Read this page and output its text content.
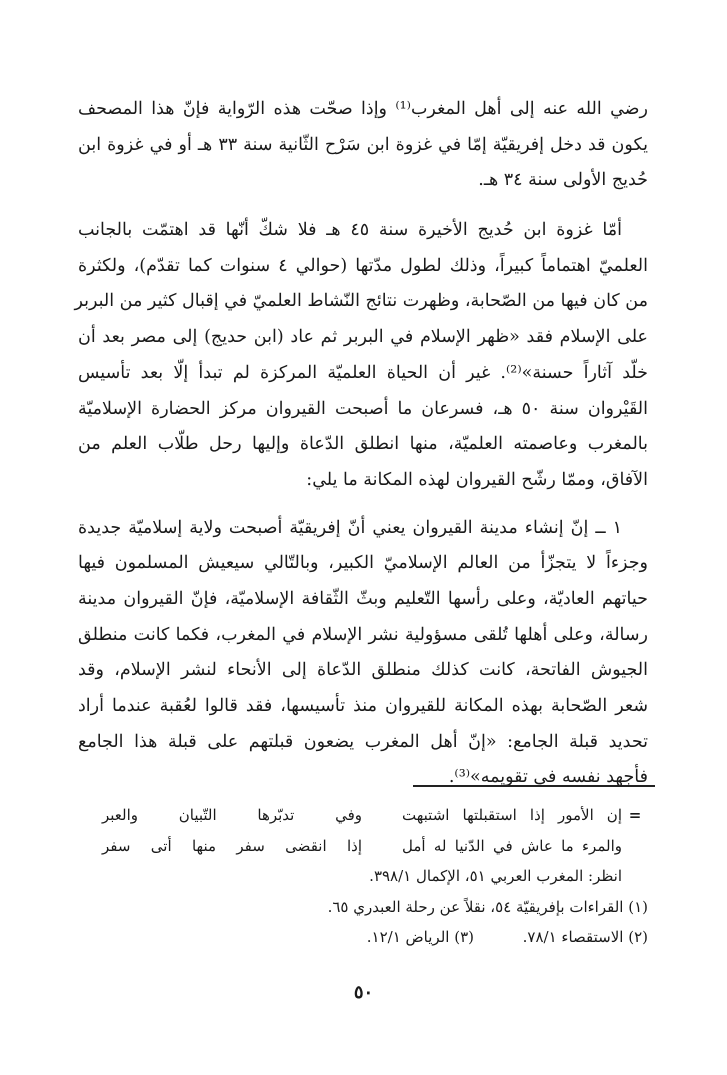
رضي الله عنه إلى أهل المغرب⁽¹⁾ وإذا صحّت هذه الرّواية فإنّ هذا المصحف
يكون قد دخل إفريقيّة إمّا في غزوة ابن سَرْح الثّانية سنة ٣٣ هـ أو في غزوة ابن
حُديج الأولى سنة ٣٤ هـ.
أمّا غزوة ابن حُديج الأخيرة سنة ٤٥ هـ فلا شكّ أنّها قد اهتمّت بالجانب
العلميّ اهتماماً كبيراً، وذلك لطول مدّتها (حوالي ٤ سنوات كما تقدّم)، ولكثرة
من كان فيها من الصّحابة، وظهرت نتائج النّشاط العلميّ في إقبال كثير من البربر
على الإسلام فقد «ظهر الإسلام في البربر ثم عاد (ابن حديج) إلى مصر بعد أن
خلّد آثاراً حسنة»⁽²⁾. غير أن الحياة العلميّة المركزة لم تبدأ إلّا بعد تأسيس
القَيْروان سنة ٥٠ هـ، فسرعان ما أصبحت القيروان مركز الحضارة الإسلاميّة
بالمغرب وعاصمته العلميّة، منها انطلق الدّعاة وإليها رحل طلّاب العلم من
الآفاق، وممّا رشّح القيروان لهذه المكانة ما يلي:
١ ــ إنّ إنشاء مدينة القيروان يعني أنّ إفريقيّة أصبحت ولاية إسلاميّة جديدة
وجزءاً لا يتجزّأ من العالم الإسلاميّ الكبير، وبالتّالي سيعيش المسلمون فيها
حياتهم العاديّة، وعلى رأسها التّعليم وبثّ الثّقافة الإسلاميّة، فإنّ القيروان مدينة
رسالة، وعلى أهلها تُلقى مسؤولية نشر الإسلام في المغرب، فكما كانت منطلق
الجيوش الفاتحة، كانت كذلك منطلق الدّعاة إلى الأنحاء لنشر الإسلام، وقد
شعر الصّحابة بهذه المكانة للقيروان منذ تأسيسها، فقد قالوا لعُقبة عندما أراد
تحديد قبلة الجامع: «إنّ أهل المغرب يضعون قبلتهم على قبلة هذا الجامع
فأجهد نفسه في تقويمه»⁽³⁾.
=
إن الأمور إذا استقبلتها اشتبهت
وفي تدبّرها التّبيان والعبر
والمرء ما عاش في الدّنيا له أمل
إذا انقضى سفر منها أتى سفر
انظر: المغرب العربي ٥١، الإكمال ٣٩٨/١.
(١) القراءات بإفريقيّة ٥٤، نقلاً عن رحلة العبدري ٦٥.
(٢) الاستقصاء ٧٨/١.
(٣) الرياض ١٢/١.
٥٠
